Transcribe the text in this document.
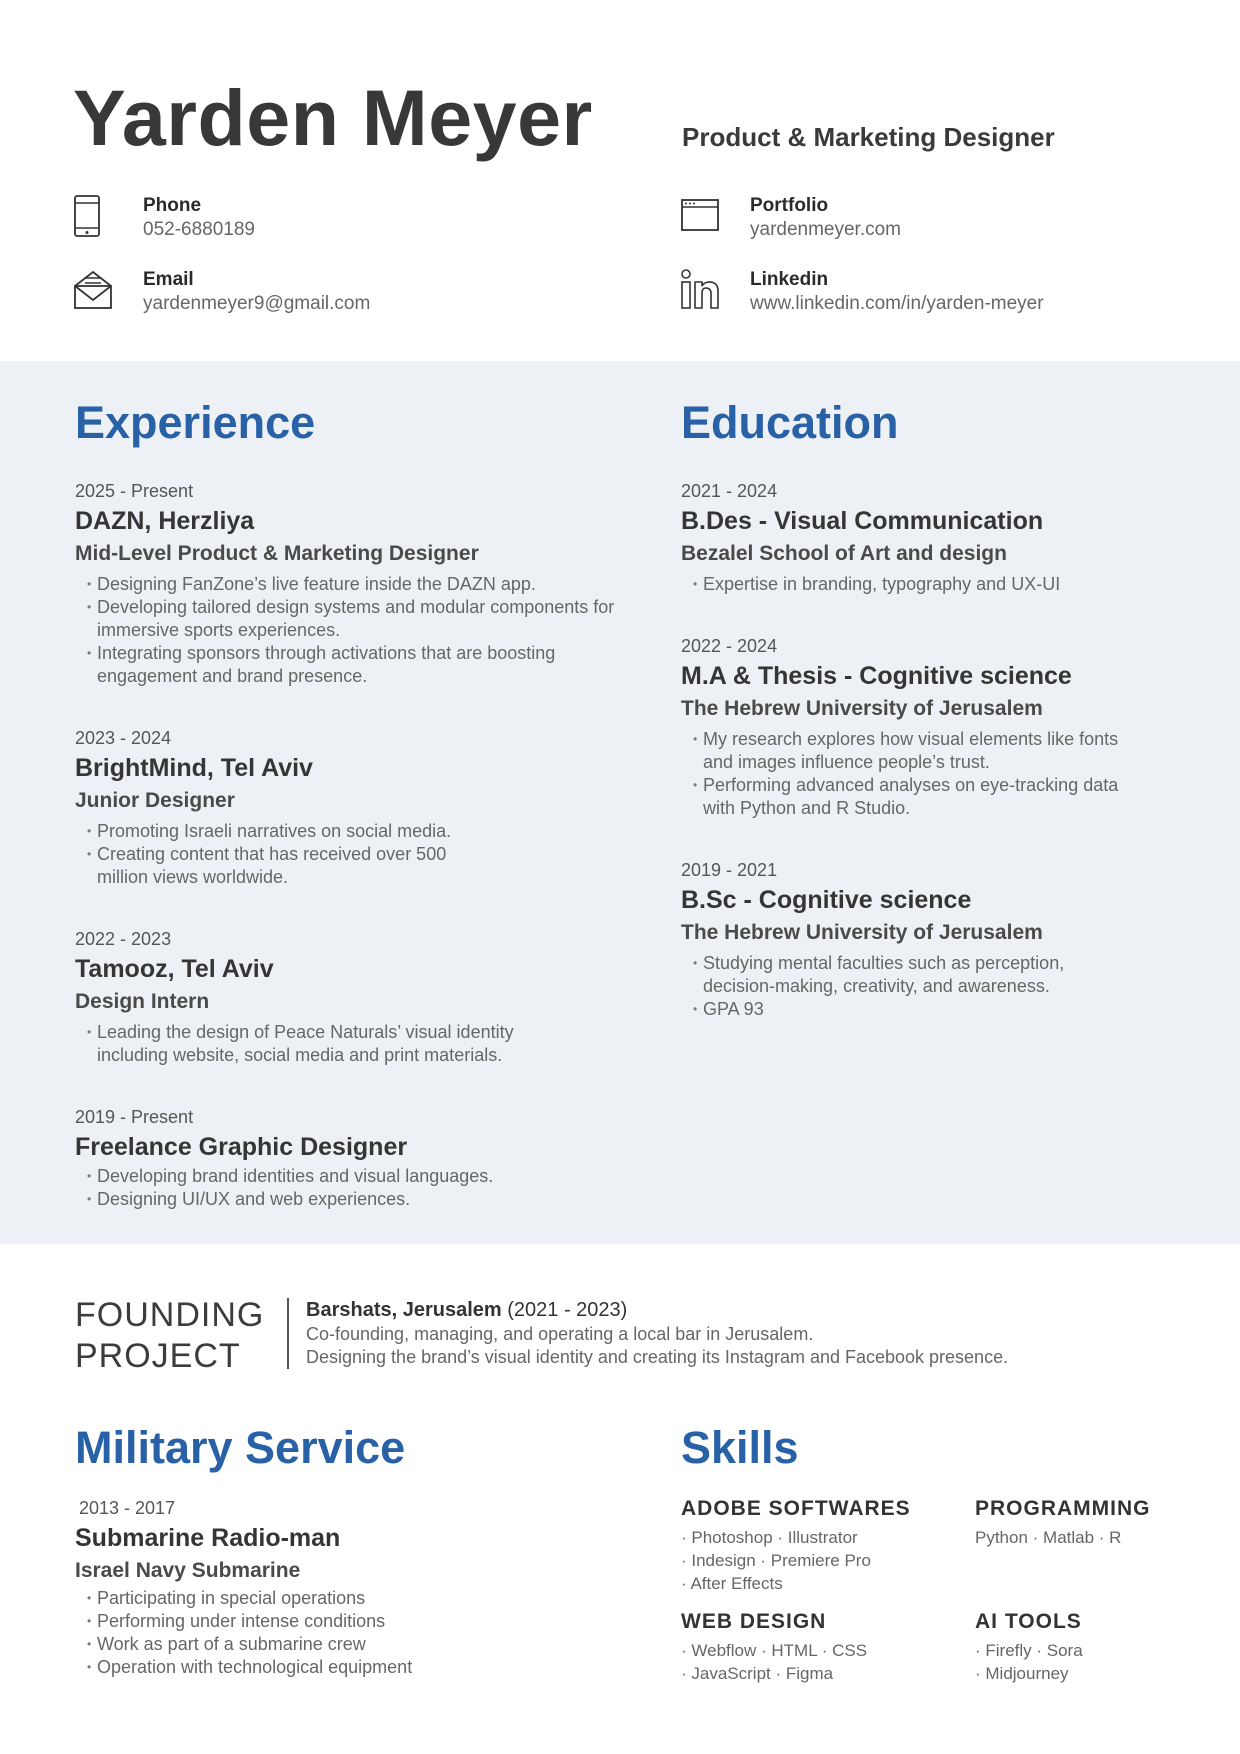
Yarden Meyer	Product & Marketing Designer
Phone
052-6880189
Email
yardenmeyer9@gmail.com
Portfolio
yardenmeyer.com
Linkedin
www.linkedin.com/in/yarden-meyer
Experience
2025 - Present
DAZN, Herzliya
Mid-Level Product & Marketing Designer
• Designing FanZone’s live feature inside the DAZN app.
• Developing tailored design systems and modular components for immersive sports experiences.
• Integrating sponsors through activations that are boosting engagement and brand presence.
2023 - 2024
BrightMind, Tel Aviv
Junior Designer
• Promoting Israeli narratives on social media.
• Creating content that has received over 500 million views worldwide.
2022 - 2023
Tamooz, Tel Aviv
Design Intern
• Leading the design of Peace Naturals’ visual identity including website, social media and print materials.
2019 - Present
Freelance Graphic Designer
• Developing brand identities and visual languages.
• Designing UI/UX and web experiences.
Education
2021 - 2024
B.Des - Visual Communication
Bezalel School of Art and design
• Expertise in branding, typography and UX-UI
2022 - 2024
M.A & Thesis - Cognitive science
The Hebrew University of Jerusalem
• My research explores how visual elements like fonts and images influence people’s trust.
• Performing advanced analyses on eye-tracking data with Python and R Studio.
2019 - 2021
B.Sc - Cognitive science
The Hebrew University of Jerusalem
• Studying mental faculties such as perception, decision-making, creativity, and awareness.
• GPA 93
FOUNDING
PROJECT
Barshats, Jerusalem (2021 - 2023)
Co-founding, managing, and operating a local bar in Jerusalem.
Designing the brand’s visual identity and creating its Instagram and Facebook presence.
Military Service
2013 - 2017
Submarine Radio-man
Israel Navy Submarine
• Participating in special operations
• Performing under intense conditions
• Work as part of a submarine crew
• Operation with technological equipment
Skills
ADOBE SOFTWARES
· Photoshop · Illustrator
· Indesign · Premiere Pro
· After Effects
PROGRAMMING
Python · Matlab · R
WEB DESIGN
· Webflow · HTML · CSS
· JavaScript · Figma
AI TOOLS
· Firefly · Sora
· Midjourney
